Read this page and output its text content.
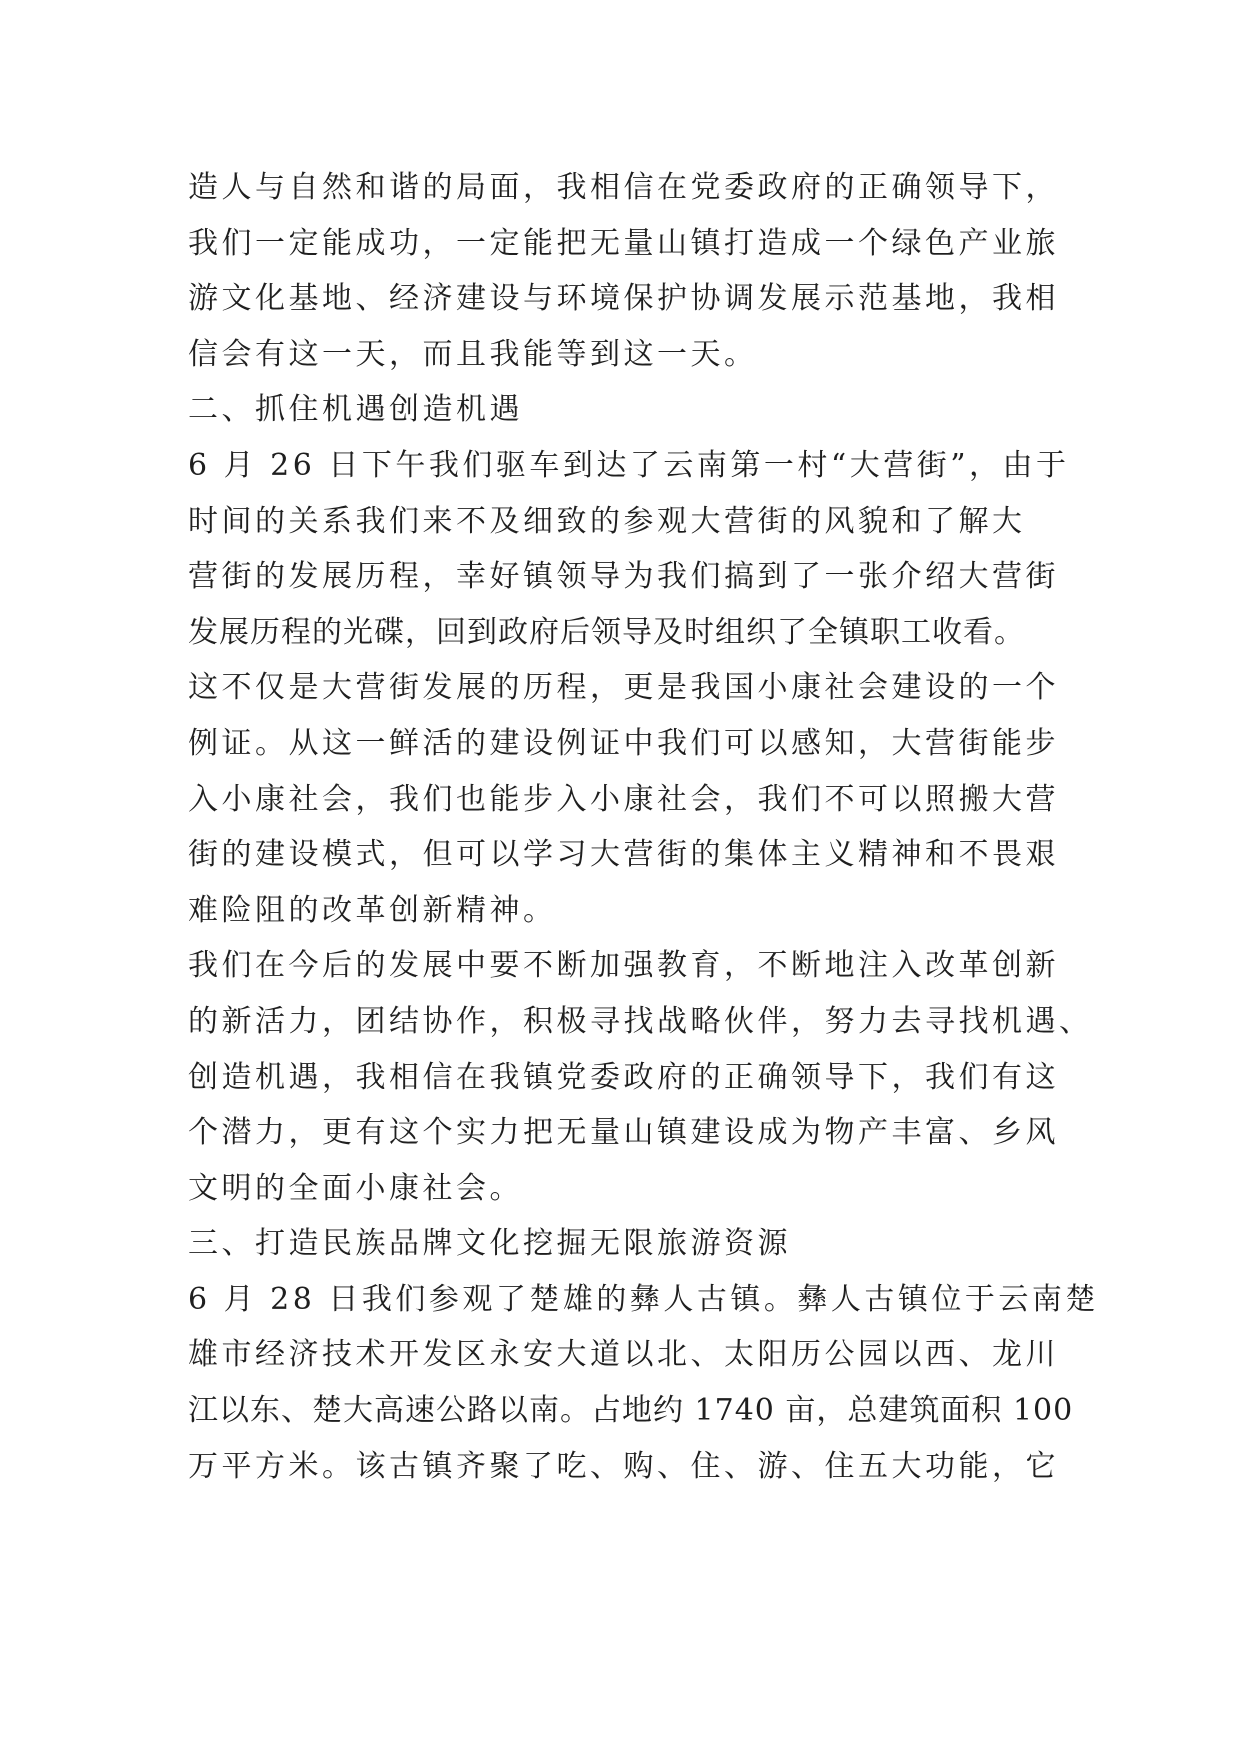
造人与自然和谐的局面，我相信在党委政府的正确领导下，
我们一定能成功，一定能把无量山镇打造成一个绿色产业旅
游文化基地、经济建设与环境保护协调发展示范基地，我相
信会有这一天，而且我能等到这一天。
二、抓住机遇创造机遇
6 月 26 日下午我们驱车到达了云南第一村“大营街”，由于
时间的关系我们来不及细致的参观大营街的风貌和了解大
营街的发展历程，幸好镇领导为我们搞到了一张介绍大营街
发展历程的光碟，回到政府后领导及时组织了全镇职工收看。
这不仅是大营街发展的历程，更是我国小康社会建设的一个
例证。从这一鲜活的建设例证中我们可以感知，大营街能步
入小康社会，我们也能步入小康社会，我们不可以照搬大营
街的建设模式，但可以学习大营街的集体主义精神和不畏艰
难险阻的改革创新精神。
我们在今后的发展中要不断加强教育，不断地注入改革创新
的新活力，团结协作，积极寻找战略伙伴，努力去寻找机遇、
创造机遇，我相信在我镇党委政府的正确领导下，我们有这
个潜力，更有这个实力把无量山镇建设成为物产丰富、乡风
文明的全面小康社会。
三、打造民族品牌文化挖掘无限旅游资源
6 月 28 日我们参观了楚雄的彝人古镇。彝人古镇位于云南楚
雄市经济技术开发区永安大道以北、太阳历公园以西、龙川
江以东、楚大高速公路以南。占地约 1740 亩，总建筑面积 100
万平方米。该古镇齐聚了吃、购、住、游、住五大功能，它
